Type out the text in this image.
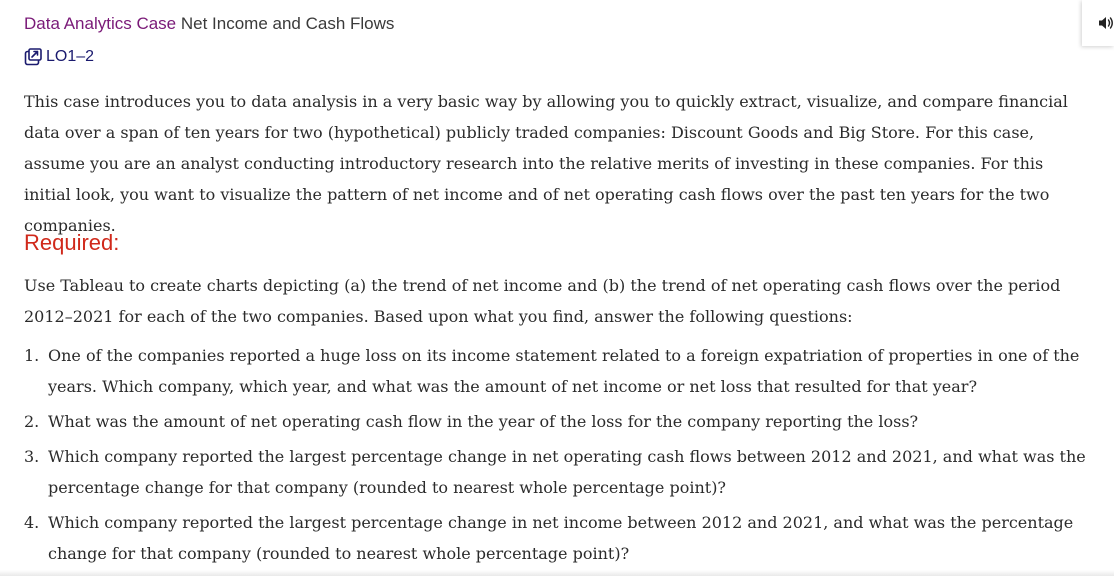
Data Analytics Case Net Income and Cash Flows
LO1–2

This case introduces you to data analysis in a very basic way by allowing you to quickly extract, visualize, and compare financial data over a span of ten years for two (hypothetical) publicly traded companies: Discount Goods and Big Store. For this case, assume you are an analyst conducting introductory research into the relative merits of investing in these companies. For this initial look, you want to visualize the pattern of net income and of net operating cash flows over the past ten years for the two companies.

Required:

Use Tableau to create charts depicting (a) the trend of net income and (b) the trend of net operating cash flows over the period 2012–2021 for each of the two companies. Based upon what you find, answer the following questions:

1. One of the companies reported a huge loss on its income statement related to a foreign expatriation of properties in one of the years. Which company, which year, and what was the amount of net income or net loss that resulted for that year?
2. What was the amount of net operating cash flow in the year of the loss for the company reporting the loss?
3. Which company reported the largest percentage change in net operating cash flows between 2012 and 2021, and what was the percentage change for that company (rounded to nearest whole percentage point)?
4. Which company reported the largest percentage change in net income between 2012 and 2021, and what was the percentage change for that company (rounded to nearest whole percentage point)?
